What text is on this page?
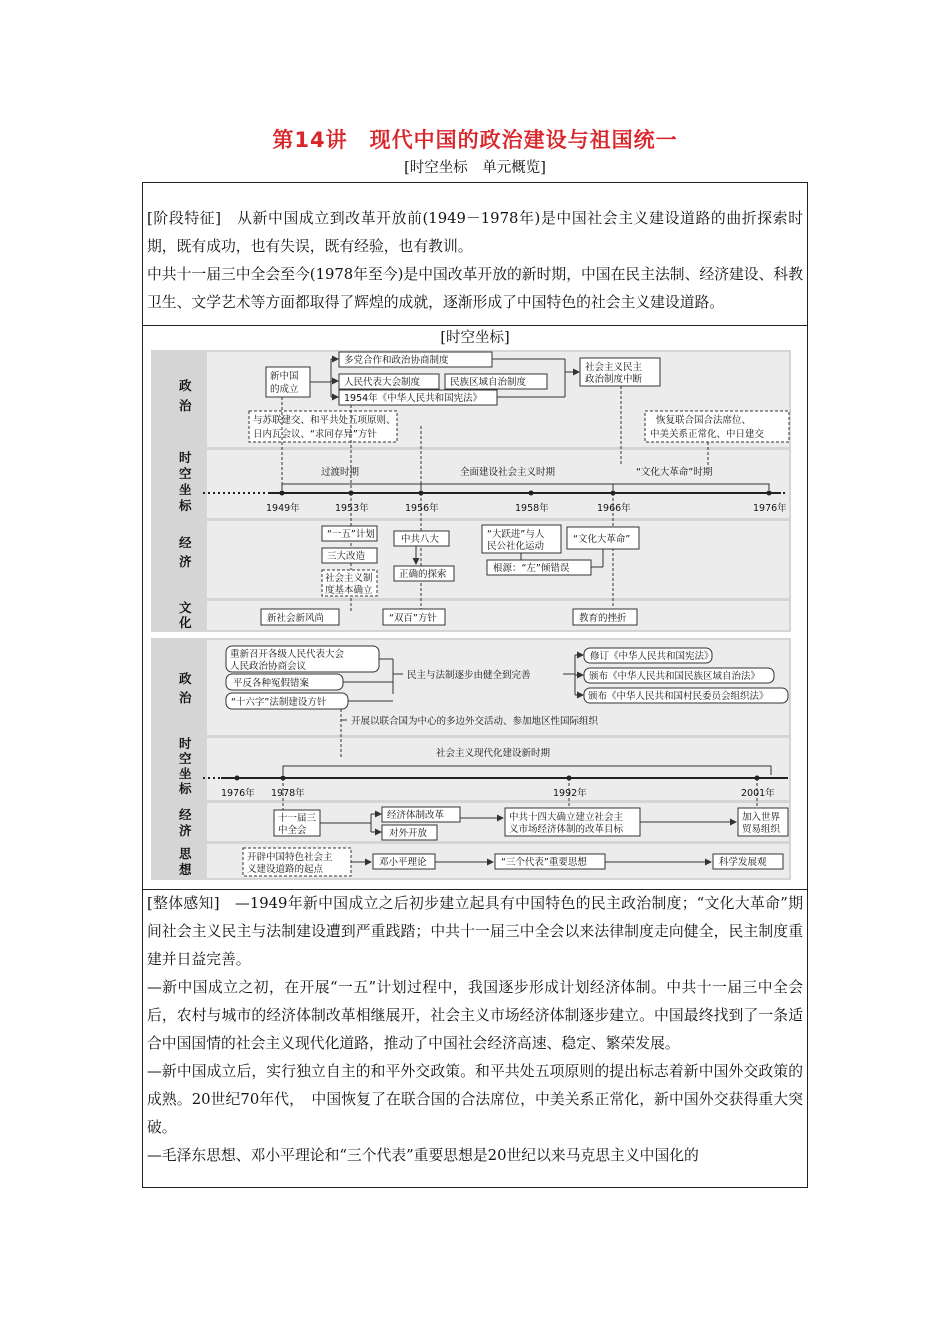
第14讲　现代中国的政治建设与祖国统一
[时空坐标　单元概览]

[阶段特征]　从新中国成立到改革开放前(1949－1978年)是中国社会主义建设道路的曲折探索时期，既有成功，也有失误，既有经验，也有教训。

中共十一届三中全会至今(1978年至今)是中国改革开放的新时期，中国在民主法制、经济建设、科教卫生、文学艺术等方面都取得了辉煌的成就，逐渐形成了中国特色的社会主义建设道路。

[时空坐标]
政
治
时
空
坐
标
经
济
文
化
新中国
的成立
多党合作和政治协商制度
人民代表大会制度	民族区域自治制度
1954年《中华人民共和国宪法》
社会主义民主
政治制度中断
与苏联建交、和平共处五项原则、
日内瓦会议、“求同存异”方针
恢复联合国合法席位、
中美关系正常化、中日建交
过渡时期	全面建设社会主义时期	“文化大革命”时期
1949年	1953年	1956年	1958年	1966年	1976年
“一五”计划
三大改造
社会主义制
度基本确立
中共八大
正确的探索
“大跃进”与人
民公社化运动
“文化大革命”
根源：“左”倾错误
新社会新风尚	“双百”方针	教育的挫折
政
治
时
空
坐
标
经
济
思
想
重新召开各级人民代表大会
人民政治协商会议
平反各种冤假错案
“十六字”法制建设方针
民主与法制逐步由健全到完善
修订《中华人民共和国宪法》
颁布《中华人民共和国民族区域自治法》
颁布《中华人民共和国村民委员会组织法》
开展以联合国为中心的多边外交活动、参加地区性国际组织
社会主义现代化建设新时期
1976年 1978年	1992年	2001年
十一届三
中全会
经济体制改革
对外开放
中共十四大确立建立社会主
义市场经济体制的改革目标
加入世界
贸易组织
开辟中国特色社会主
义建设道路的起点
邓小平理论	“三个代表”重要思想	科学发展观

[整体感知]　—1949年新中国成立之后初步建立起具有中国特色的民主政治制度；“文化大革命”期间社会主义民主与法制建设遭到严重践踏；中共十一届三中全会以来法律制度走向健全，民主制度重建并日益完善。

—新中国成立之初，在开展“一五”计划过程中，我国逐步形成计划经济体制。中共十一届三中全会后，农村与城市的经济体制改革相继展开，社会主义市场经济体制逐步建立。中国最终找到了一条适合中国国情的社会主义现代化道路，推动了中国社会经济高速、稳定、繁荣发展。

—新中国成立后，实行独立自主的和平外交政策。和平共处五项原则的提出标志着新中国外交政策的成熟。20世纪70年代，　中国恢复了在联合国的合法席位，中美关系正常化，新中国外交获得重大突破。

—毛泽东思想、邓小平理论和“三个代表”重要思想是20世纪以来马克思主义中国化的
